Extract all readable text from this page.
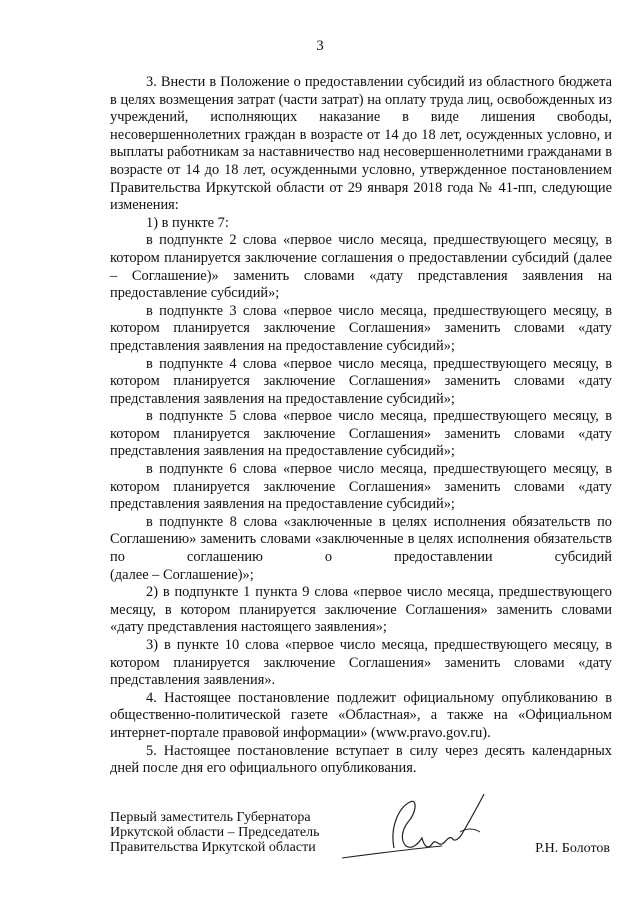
3

3. Внести в Положение о предоставлении субсидий из областного бюджета в целях возмещения затрат (части затрат) на оплату труда лиц, освобожденных из учреждений, исполняющих наказание в виде лишения свободы, несовершеннолетних граждан в возрасте от 14 до 18 лет, осужденных условно, и выплаты работникам за наставничество над несовершеннолетними гражданами в возрасте от 14 до 18 лет, осужденными условно, утвержденное постановлением Правительства Иркутской области от 29 января 2018 года № 41-пп, следующие изменения:

1) в пункте 7:

в подпункте 2 слова «первое число месяца, предшествующего месяцу, в котором планируется заключение соглашения о предоставлении субсидий (далее – Соглашение)» заменить словами «дату представления заявления на предоставление субсидий»;

в подпункте 3 слова «первое число месяца, предшествующего месяцу, в котором планируется заключение Соглашения» заменить словами «дату представления заявления на предоставление субсидий»;

в подпункте 4 слова «первое число месяца, предшествующего месяцу, в котором планируется заключение Соглашения» заменить словами «дату представления заявления на предоставление субсидий»;

в подпункте 5 слова «первое число месяца, предшествующего месяцу, в котором планируется заключение Соглашения» заменить словами «дату представления заявления на предоставление субсидий»;

в подпункте 6 слова «первое число месяца, предшествующего месяцу, в котором планируется заключение Соглашения» заменить словами «дату представления заявления на предоставление субсидий»;

в подпункте 8 слова «заключенные в целях исполнения обязательств по Соглашению» заменить словами «заключенные в целях исполнения обязательств по соглашению о предоставлении субсидий

(далее – Соглашение)»;

2) в подпункте 1 пункта 9 слова «первое число месяца, предшествующего месяцу, в котором планируется заключение Соглашения» заменить словами «дату представления настоящего заявления»;

3) в пункте 10 слова «первое число месяца, предшествующего месяцу, в котором планируется заключение Соглашения» заменить словами «дату представления заявления».

4. Настоящее постановление подлежит официальному опубликованию в общественно-политической газете «Областная», а также на «Официальном интернет-портале правовой информации» (www.pravo.gov.ru).

5. Настоящее постановление вступает в силу через десять календарных дней после дня его официального опубликования.

Первый заместитель Губернатора
Иркутской области – Председатель
Правительства Иркутской области	Р.Н. Болотов
